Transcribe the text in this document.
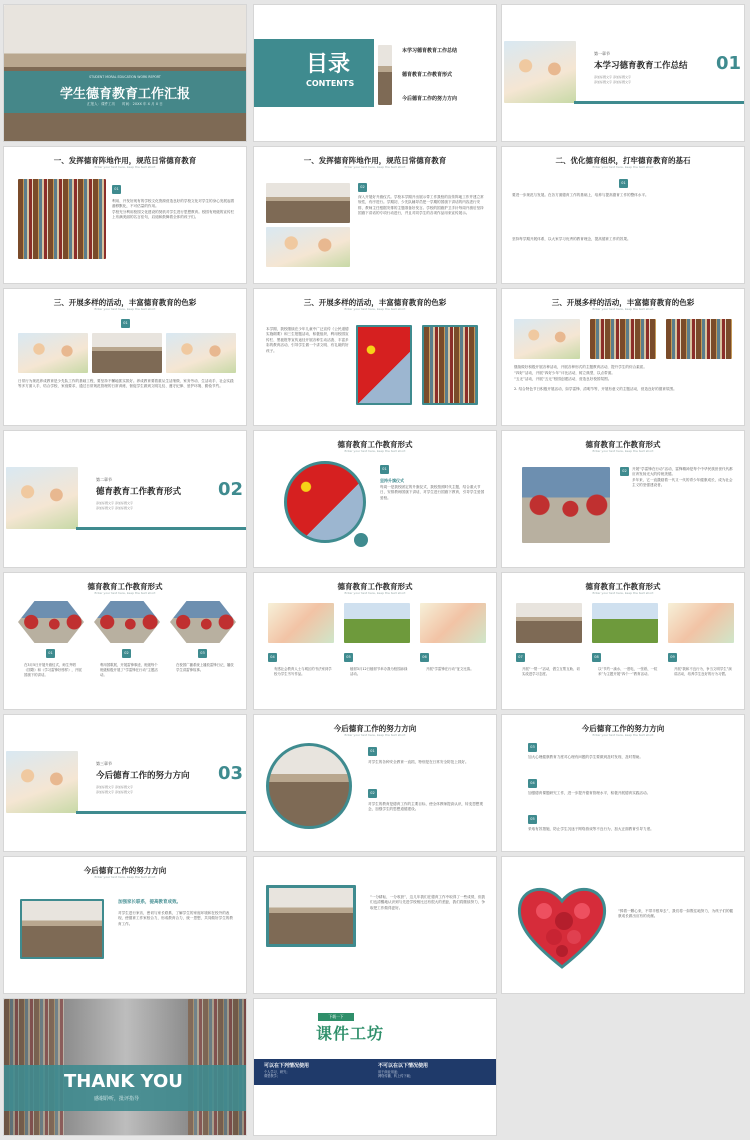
STUDENT MORAL EDUCATION WORK REPORT
学生德育教育工作汇报
汇报人：课件工坊　　时间：20XX 年 X 月 X 日
目录
CONTENTS
本学习德育教育工作总结
德育教育工作教育形式
今后德育工作的努力方向
第一章节
本学习德育教育工作总结 01
添加标题文字 添加标题文字
添加标题文字 添加标题文字
一、发挥德育阵地作用，规范日常德育教育
Enter your text here, keep the text short
01
利用、开发好现有的学校文化资源营造良好的学校文化对学生的身心发展起着潜移默化，不可估量的作用。
学校充分利用校园文化建设的契机对学生进行思想教育。校园有班级的宣传栏上布满美丽的名言佳句，启迪和鼓舞着全体的孩子们。
一、发挥德育阵地作用，规范日常德育教育
Enter your text here, keep the text short
02
深入开展好升旗仪式。学校本学期开出展示带工作我校的宣传阵地工作并建立常规性，有序进行。学期初，少先队辅导员把一学期的国旗下讲话的内容进行安排，教师主任根据安排的主题准备好发言。学校的国旗护卫手针每周升旗后坚持国旗下讲话的专项行动进行，并且对同学生的各项作品用来宣传展示。
二、优化德育组织，打牢德育教育的基石
Enter your text here, keep the text short
01
要进一步规范与发展。在各方面德育工作的基础上，培养与提高德育工作的整体水平。
坚持每学期开展体系，以大家学习优秀的教育理念，提高德育工作的效果。
三、开展多样的活动，丰富德育教育的色彩
Enter your text here, keep the text short
01
日常行为规范养成教育是少先队工作的基础工程，要坚持不懈地抓实抓好。养成教育要着重从生活细微、家务劳动、生活动手、社会实践等多方面入手，结合学校、家庭要求，通过日常规范管理的日常训练，督促学生做到文明礼仪、遵守纪律、爱护环境、勤俭节约。
三、开展多样的活动，丰富德育教育的色彩
Enter your text here, keep the text short
本学期，我校继续在少年儿童中广泛宣传《公民道德实施纲要》和三生报题活动，积极组织，利用校园宣传栏、黑板报等宣传途径开展各种生动活泼、丰富多彩的教育活动，引导学生做一个讲文明、有礼貌的好孩子。
三、开展多样的活动，丰富德育教育的色彩
Enter your text here, keep the text short
继续做好积极开展各种活动，开展各种形式的主题教育活动，提升学生的综合素质。
“四好”活动，开展“四好少年”评比活动，树立典型，以点带面。
“五无”活动，开展“五无”校园创建活动，营造良好校园氛围。
2. 结合特色节日积极开展活动，如学雷锋、清明节等，开展有意义的主题活动，营造良好的德育氛围。
第二章节
德育教育工作教育形式 02
添加标题文字 添加标题文字
添加标题文字 添加标题文字
德育教育工作教育形式
Enter your text here, keep the text short
01
坚持升旗仪式
每周一是我校固定的升旗仪式，我校按照时代主题，结合重大节日，安排教师国旗下讲话，对学生进行国旗下教育，引导学生爱国爱校。
德育教育工作教育形式
Enter your text here, keep the text short
02	开展“学雷锋在行动”活动，雷锋精神是每个中华民族世世代代都应该发扬光大的传统美德。
多年来，它一直激励着一代又一代的青少年健康成长，成为社会主义的坚强建设者。
德育教育工作教育形式
Enter your text here, keep the text short
01	02	03
在3月5日开展升旗仪式，师生齐唱《国歌》和《学习雷锋好榜样》，开展国旗下的讲话。
利用国歌展，开展雷锋事迹，班级每个班级积极开展了“学雷锋在行动”主题活动。
在校园广播系统上播放雷锋日记，播放学生讲雷锋故事。
德育教育工作教育形式
Enter your text here, keep the text short
04	05	06
有感社会教育人士与城区的书法家到学校为学生书写作品。
植树3月12日植树节举办我为校园添绿活动。
开展“学雷锋在行动”征文比赛。
德育教育工作教育形式
Enter your text here, keep the text short
07	08	09
开展“一帮一”活动，倡立互帮互助、切实改进学习态度。
以“节约一滴水、一度电、一张纸、一粒米”为主题开展“四个一”教育活动。
开展“我和不良行为，争当文明学生”演讲活动，培养学生良好的行为习惯。
第三章节
今后德育工作的努力方向 03
添加标题文字 添加标题文字
添加标题文字 添加标题文字
今后德育工作的努力方向
Enter your text here, keep the text short
01
对学生的各种安全教育一直抓，特别是在日常安全防范上抓好。
02
对学生的教育是德育工作的主要目标，使全体教师提高认识，转变思想观念，加强学生的思想道德建设。
今后德育工作的努力方向
Enter your text here, keep the text short
03
加大心理健康教育力度对心理有问题的学生要做到及时发现、及时帮助。
04
加强德育课题研究工作，进一步提升德育管理水平，积极开展德育实践活动。
05
采取有效措施，防止学生沉迷于网络游戏等不良行为，加大正面教育引导力度。
今后德育工作的努力方向
Enter your text here, keep the text short
加强家长联系，提高教育成效。
对学生进行家访，密切与家长联系，了解学生的家庭环境和在校外的表现，使德育工作家校合力，形成教育合力，统一思想，共同做好学生的教育工作。
“一分耕耘，一分收获”，这几年我们在德育工作中取得了一些成绩，但我们也清醒地认识到与先进学校相比还有很大的差距，我们将继续努力，争取把工作做得更好。
“捧着一颗心来，不带半根草去”，我们将一如既往地努力，为孩子们的健康成长做出应有的贡献。
THANK YOU
感谢聆听，批评指导
下载一下
课件工坊
可以在下列情况使用
个人学习、研究；
课堂教学；
不可以在以下情况使用
用于商业用途；
网络传播、转上传下载；
